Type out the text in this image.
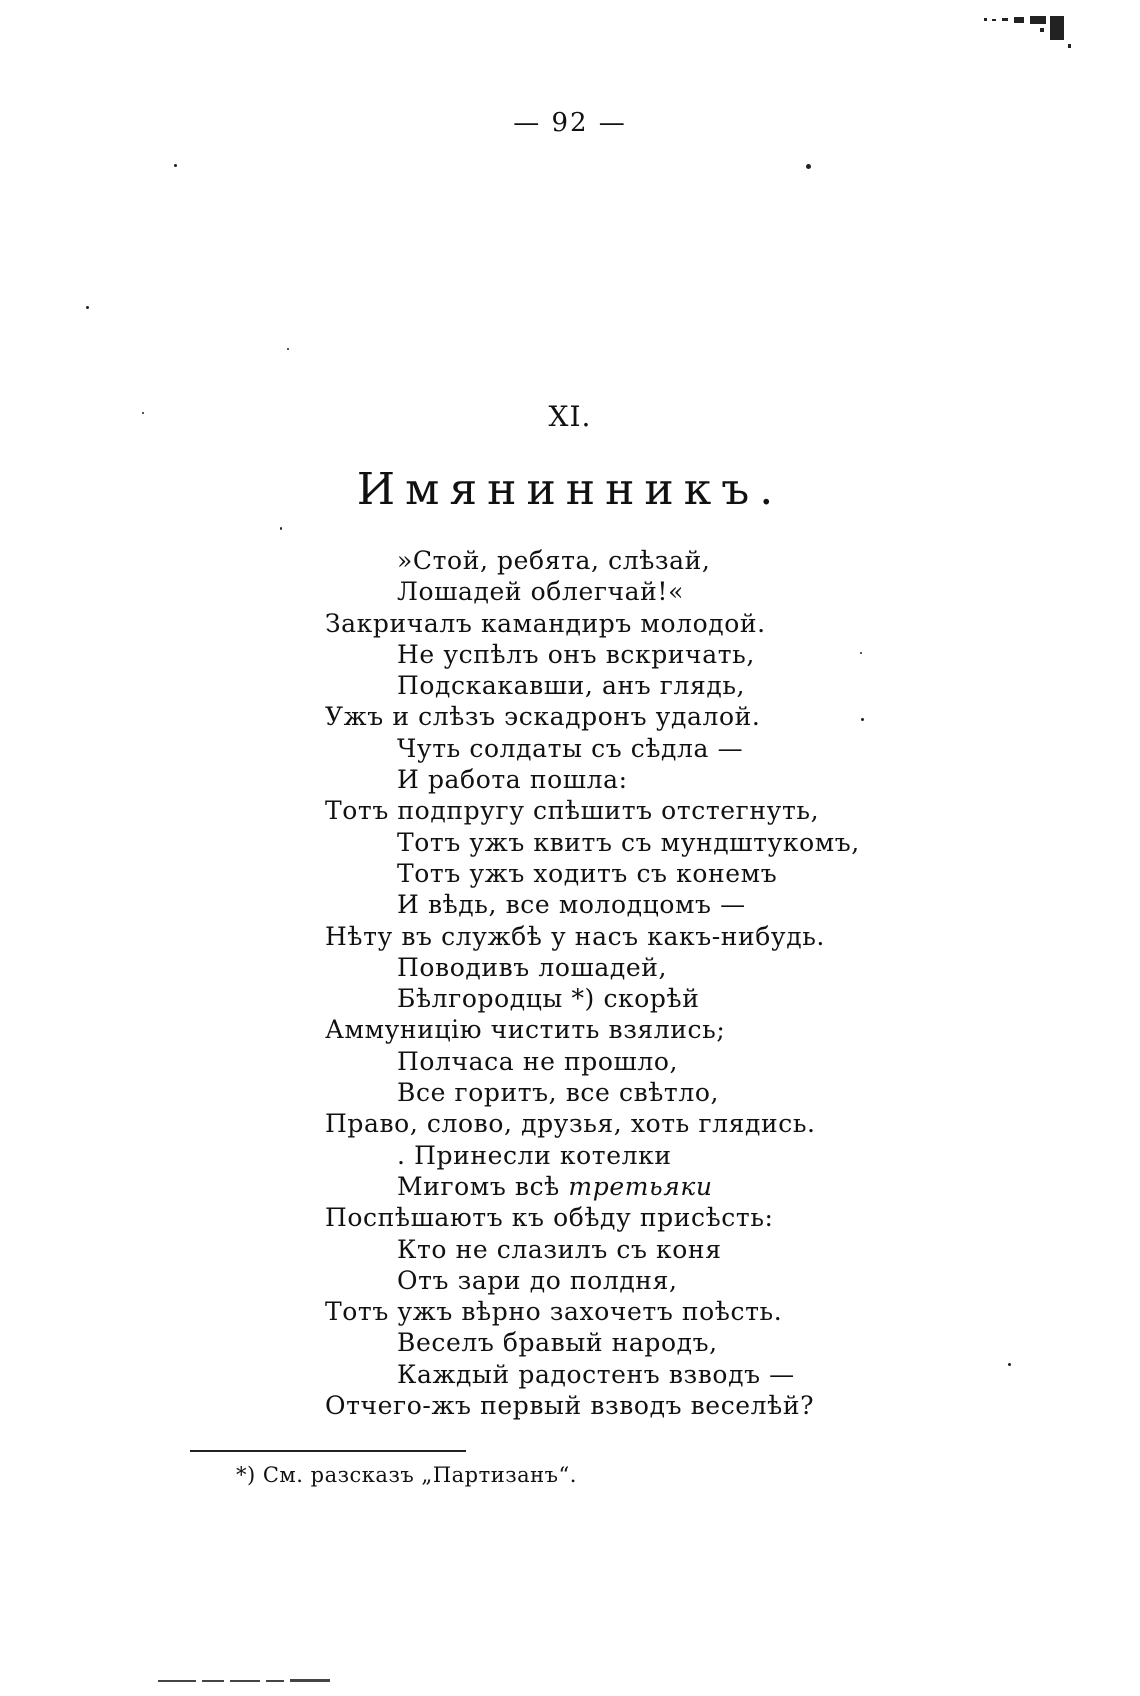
— 92 —
XI.
Имянинникъ.
»Стой, ребята, слѣзай,
Лошадей облегчай!«
Закричалъ камандиръ молодой.
Не успѣлъ онъ вскричать,
Подскакавши, анъ глядь,
Ужъ и слѣзъ эскадронъ удалой.
Чуть солдаты съ сѣдла —
И работа пошла:
Тотъ подпругу спѣшитъ отстегнуть,
Тотъ ужъ квитъ съ мундштукомъ,
Тотъ ужъ ходитъ съ конемъ
И вѣдь, все молодцомъ —
Нѣту въ службѣ у насъ какъ-нибудь.
Поводивъ лошадей,
Бѣлгородцы *) скорѣй
Аммуницію чистить взялись;
Полчаса не прошло,
Все горитъ, все свѣтло,
Право, слово, друзья, хоть глядись.
. Принесли котелки
Мигомъ всѣ третьяки
Поспѣшаютъ къ обѣду присѣсть:
Кто не слазилъ съ коня
Отъ зари до полдня,
Тотъ ужъ вѣрно захочетъ поѣсть.
Веселъ бравый народъ,
Каждый радостенъ взводъ —
Отчего-жъ первый взводъ веселѣй?
*) См. разсказъ „Партизанъ“.
